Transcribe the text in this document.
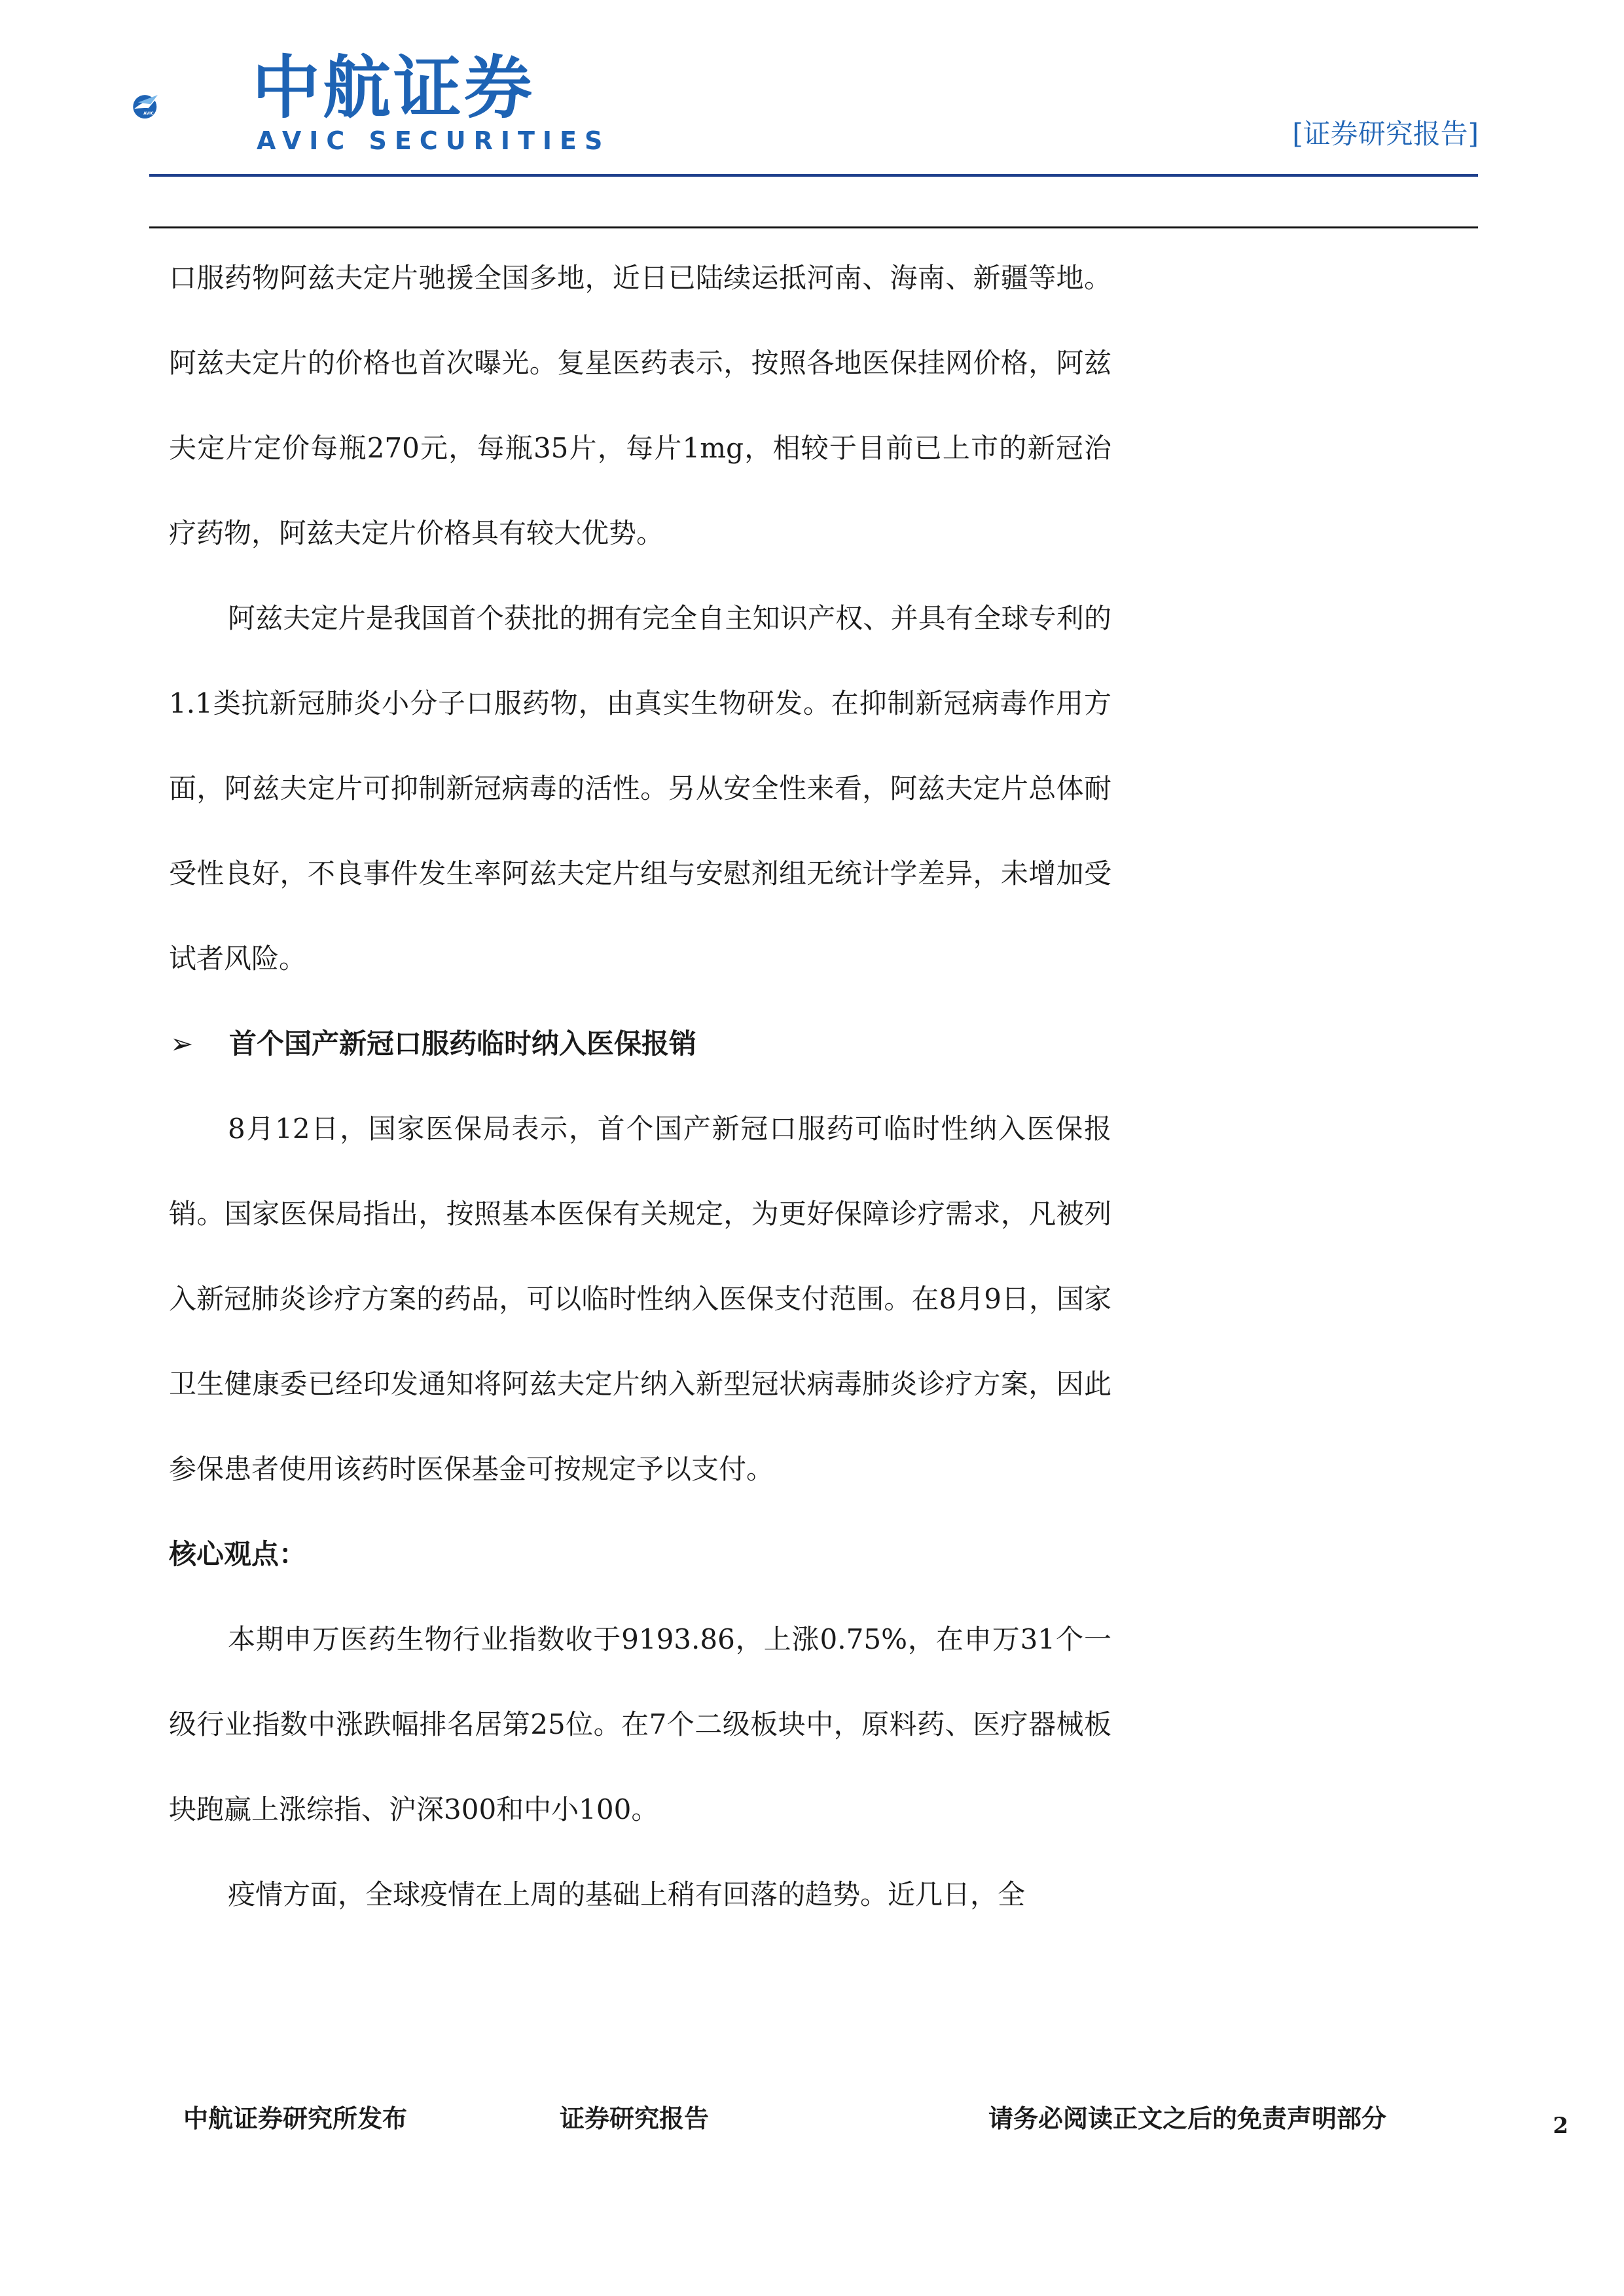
AVIC 中航证券
AVIC SECURITIES	[证券研究报告]

口服药物阿兹夫定片驰援全国多地，近日已陆续运抵河南、海南、新疆等地。阿兹夫定片的价格也首次曝光。复星医药表示，按照各地医保挂网价格，阿兹夫定片定价每瓶270元，每瓶35片，每片1mg，相较于目前已上市的新冠治疗药物，阿兹夫定片价格具有较大优势。

阿兹夫定片是我国首个获批的拥有完全自主知识产权、并具有全球专利的1.1类抗新冠肺炎小分子口服药物，由真实生物研发。在抑制新冠病毒作用方面，阿兹夫定片可抑制新冠病毒的活性。另从安全性来看，阿兹夫定片总体耐受性良好，不良事件发生率阿兹夫定片组与安慰剂组无统计学差异，未增加受试者风险。

➢ 首个国产新冠口服药临时纳入医保报销

8月12日，国家医保局表示，首个国产新冠口服药可临时性纳入医保报销。国家医保局指出，按照基本医保有关规定，为更好保障诊疗需求，凡被列入新冠肺炎诊疗方案的药品，可以临时性纳入医保支付范围。在8月9日，国家卫生健康委已经印发通知将阿兹夫定片纳入新型冠状病毒肺炎诊疗方案，因此参保患者使用该药时医保基金可按规定予以支付。

核心观点：

本期申万医药生物行业指数收于9193.86，上涨0.75%，在申万31个一级行业指数中涨跌幅排名居第25位。在7个二级板块中，原料药、医疗器械板块跑赢上涨综指、沪深300和中小100。

疫情方面，全球疫情在上周的基础上稍有回落的趋势。近几日，全

中航证券研究所发布	证券研究报告	请务必阅读正文之后的免责声明部分	2
